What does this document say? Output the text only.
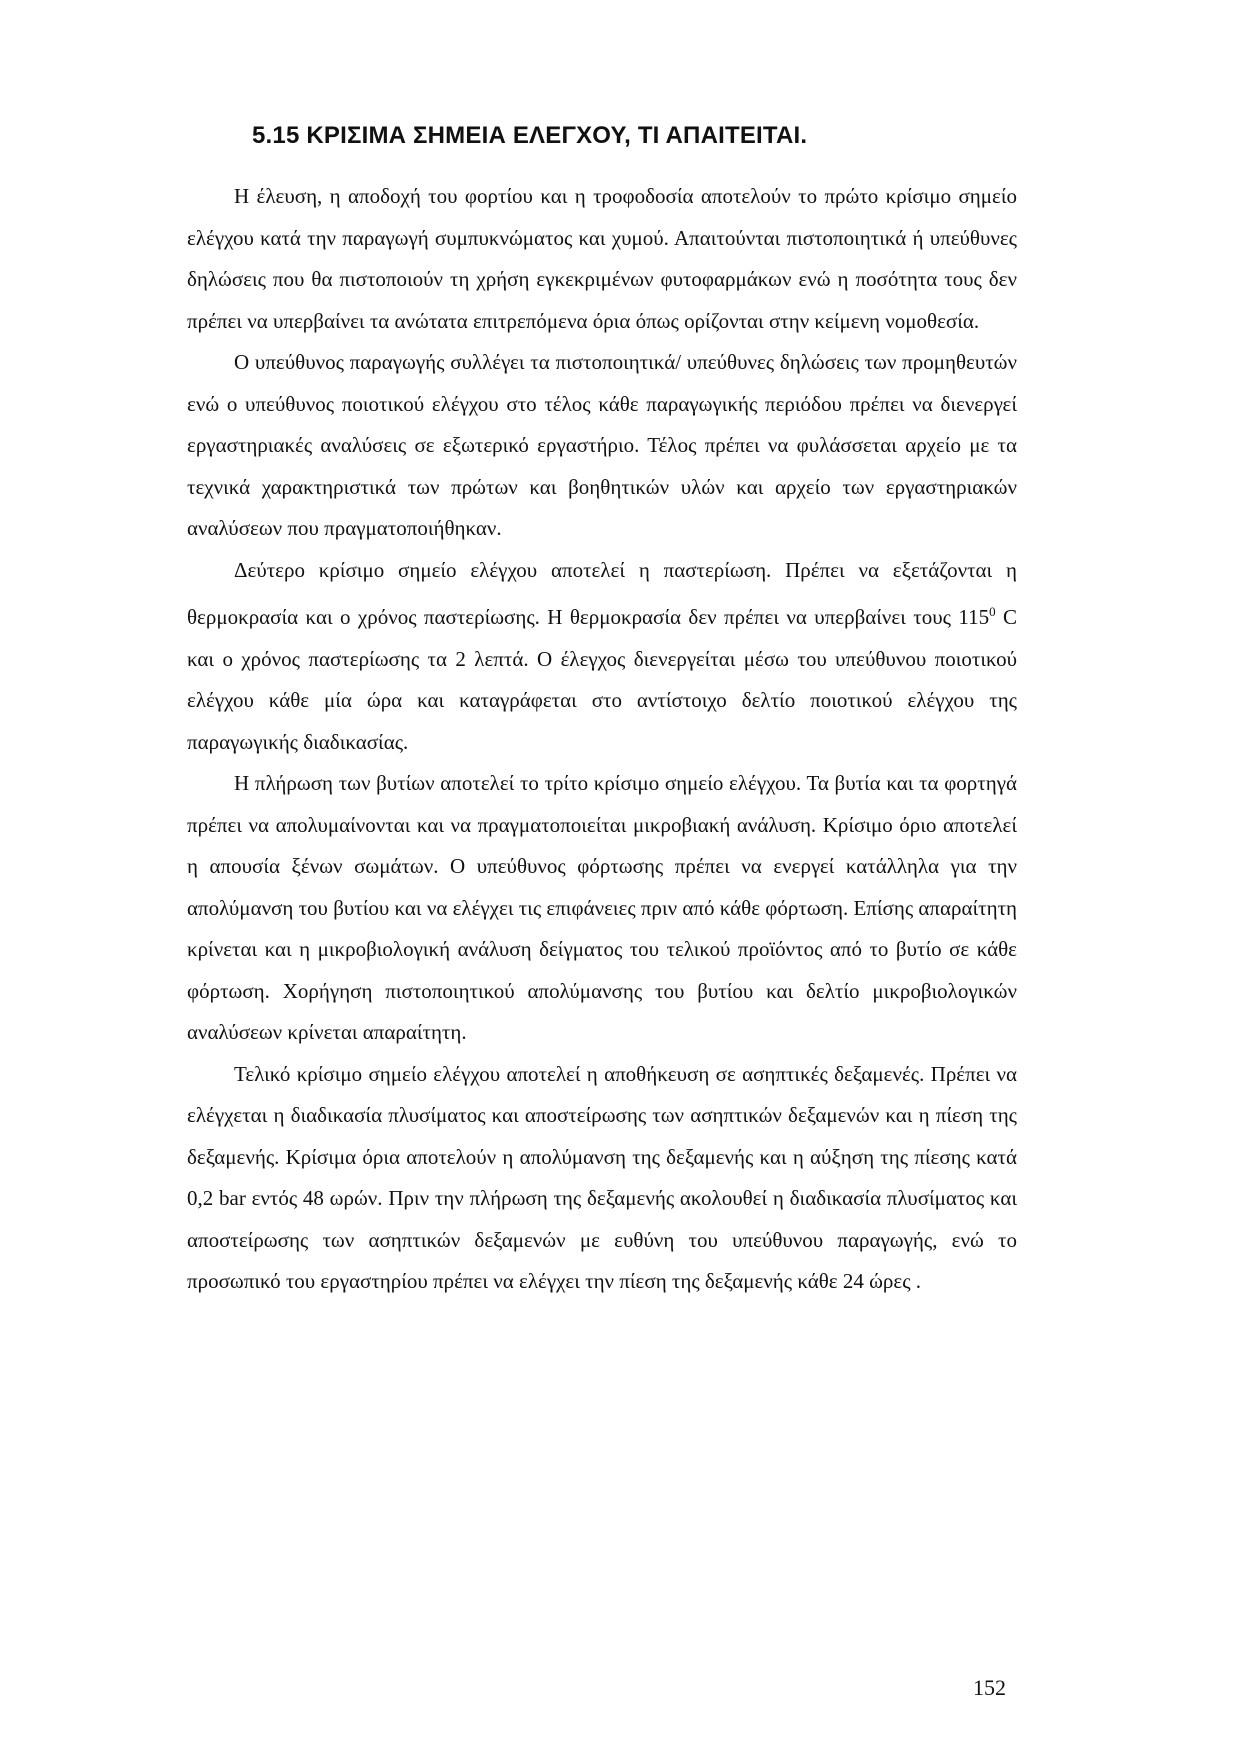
5.15 ΚΡΙΣΙΜΑ ΣΗΜΕΙΑ ΕΛΕΓΧΟΥ, ΤΙ ΑΠΑΙΤΕΙΤΑΙ.

Η έλευση, η αποδοχή του φορτίου και η τροφοδοσία αποτελούν το πρώτο κρίσιμο σημείο ελέγχου κατά την παραγωγή συμπυκνώματος και χυμού. Απαιτούνται πιστοποιητικά ή υπεύθυνες δηλώσεις που θα πιστοποιούν τη χρήση εγκεκριμένων φυτοφαρμάκων ενώ η ποσότητα τους δεν πρέπει να υπερβαίνει τα ανώτατα επιτρεπόμενα όρια όπως ορίζονται στην κείμενη νομοθεσία.

Ο υπεύθυνος παραγωγής συλλέγει τα πιστοποιητικά/ υπεύθυνες δηλώσεις των προμηθευτών ενώ ο υπεύθυνος ποιοτικού ελέγχου στο τέλος κάθε παραγωγικής περιόδου πρέπει να διενεργεί εργαστηριακές αναλύσεις σε εξωτερικό εργαστήριο. Τέλος πρέπει να φυλάσσεται αρχείο με τα τεχνικά χαρακτηριστικά των πρώτων και βοηθητικών υλών και αρχείο των εργαστηριακών αναλύσεων που πραγματοποιήθηκαν.

Δεύτερο κρίσιμο σημείο ελέγχου αποτελεί η παστερίωση. Πρέπει να εξετάζονται η θερμοκρασία και ο χρόνος παστερίωσης. Η θερμοκρασία δεν πρέπει να υπερβαίνει τους $115^0$ C και ο χρόνος παστερίωσης τα 2 λεπτά. Ο έλεγχος διενεργείται μέσω του υπεύθυνου ποιοτικού ελέγχου κάθε μία ώρα και καταγράφεται στο αντίστοιχο δελτίο ποιοτικού ελέγχου της παραγωγικής διαδικασίας.

Η πλήρωση των βυτίων αποτελεί το τρίτο κρίσιμο σημείο ελέγχου. Τα βυτία και τα φορτηγά πρέπει να απολυμαίνονται και να πραγματοποιείται μικροβιακή ανάλυση. Κρίσιμο όριο αποτελεί η απουσία ξένων σωμάτων. Ο υπεύθυνος φόρτωσης πρέπει να ενεργεί κατάλληλα για την απολύμανση του βυτίου και να ελέγχει τις επιφάνειες πριν από κάθε φόρτωση. Επίσης απαραίτητη κρίνεται και η μικροβιολογική ανάλυση δείγματος του τελικού προϊόντος από το βυτίο σε κάθε φόρτωση. Χορήγηση πιστοποιητικού απολύμανσης του βυτίου και δελτίο μικροβιολογικών αναλύσεων κρίνεται απαραίτητη.

Τελικό κρίσιμο σημείο ελέγχου αποτελεί η αποθήκευση σε ασηπτικές δεξαμενές. Πρέπει να ελέγχεται η διαδικασία πλυσίματος και αποστείρωσης των ασηπτικών δεξαμενών και η πίεση της δεξαμενής. Κρίσιμα όρια αποτελούν η απολύμανση της δεξαμενής και η αύξηση της πίεσης κατά 0,2 bar εντός 48 ωρών. Πριν την πλήρωση της δεξαμενής ακολουθεί η διαδικασία πλυσίματος και αποστείρωσης των ασηπτικών δεξαμενών με ευθύνη του υπεύθυνου παραγωγής, ενώ το προσωπικό του εργαστηρίου πρέπει να ελέγχει την πίεση της δεξαμενής κάθε 24 ώρες .

152
